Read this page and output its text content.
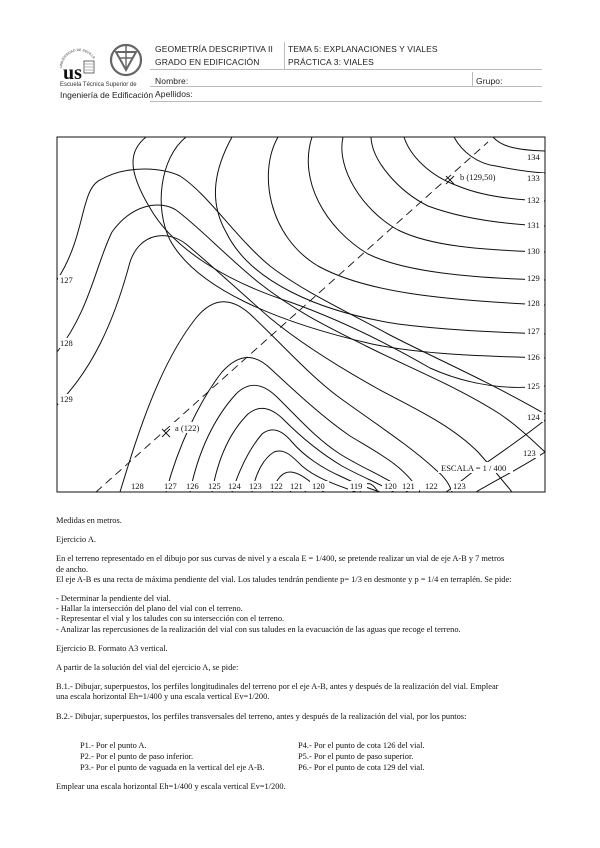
UNIVERSIDAD DE SEVILLA
us
Escuela Técnica Superior de
Ingeniería de Edificación
GEOMETRÍA DESCRIPTIVA II
GRADO EN EDIFICACIÓN
TEMA 5: EXPLANACIONES Y VIALES
PRÁCTICA 3: VIALES
Nombre:	Grupo:
Apellidos:
a (122)
b (129,50)
ESCALA = 1 / 400
134
133
132
131
130
129
128
127
126
125
124
123
127
128
129
128 127 126 125 124 123 122 121 120	119	120 121 122 123

Medidas en metros.

Ejercicio A.

En el terreno representado en el dibujo por sus curvas de nivel y a escala E = 1/400, se pretende realizar un vial de eje A-B y 7 metros

de ancho.

El eje A-B es una recta de máxima pendiente del vial. Los taludes tendrán pendiente p= 1/3 en desmonte y p = 1/4 en terraplén. Se pide:

- Determinar la pendiente del vial.

- Hallar la intersección del plano del vial con el terreno.

- Representar el vial y los taludes con su intersección con el terreno.

- Analizar las repercusiones de la realización del vial con sus taludes en la evacuación de las aguas que recoge el terreno.

Ejercicio B. Formato A3 vertical.

A partir de la solución del vial del ejercicio A, se pide:

B.1.- Dibujar, superpuestos, los perfiles longitudinales del terreno por el eje A-B, antes y después de la realización del vial. Emplear

una escala horizontal Eh=1/400 y una escala vertical Ev=1/200.

B.2.- Dibujar, superpuestos, los perfiles transversales del terreno, antes y después de la realización del vial, por los puntos:

P1.- Por el punto A.
P2.- Por el punto de paso inferior.
P3.- Por el punto de vaguada en la vertical del eje A-B.
P4.- Por el punto de cota 126 del vial.
P5.- Por el punto de paso superior.
P6.- Por el punto de cota 129 del vial.
Emplear una escala horizontal Eh=1/400 y escala vertical Ev=1/200.
